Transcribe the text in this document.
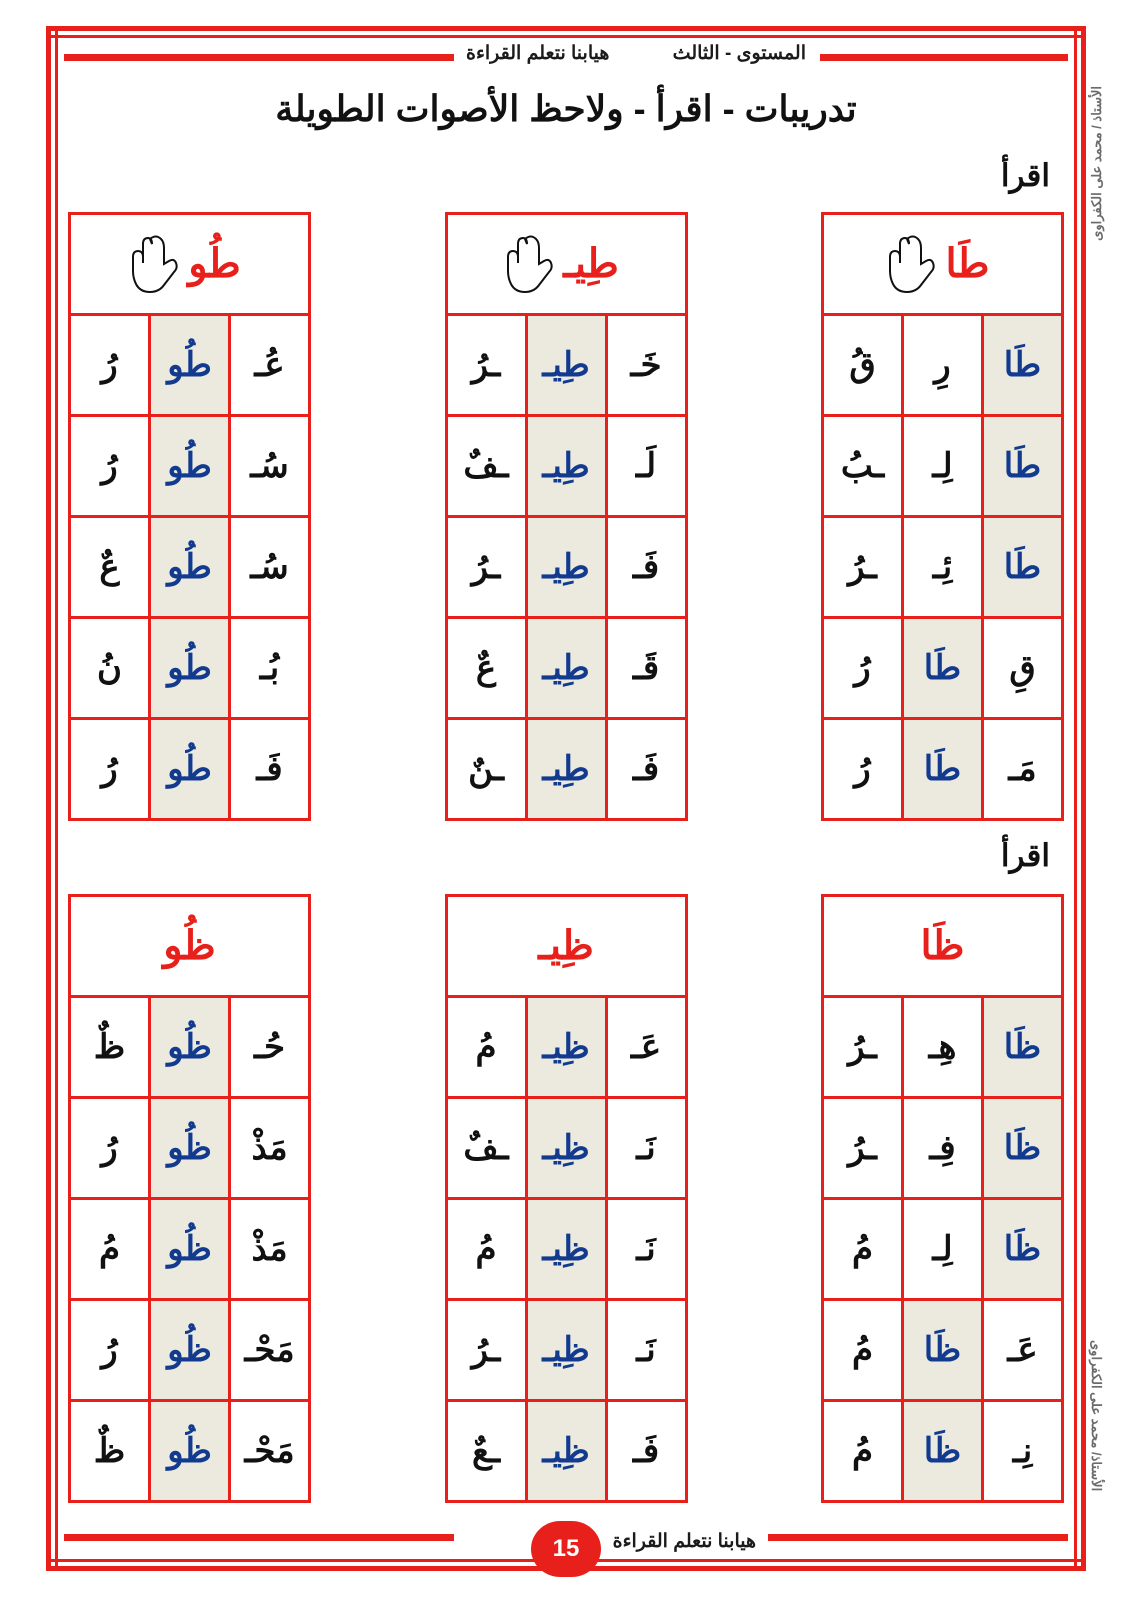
المستوى - الثالث
هيابنا نتعلم القراءة
الأستاذ / محمد على الكفراوى
الأستاذ/ محمد على الكفراوى
تدريبات - اقرأ - ولاحظ الأصوات الطويلة
اقرأ
اقرأ
طَا
طَا
رِ
قُ
طَا
لِـ
ـبُ
طَا
ئِـ
ـرُ
قِ
طَا
رُ
مَـ
طَا
رُ
طِيـ
خَـ
طِيـ
ـرُ
لَـ
طِيـ
ـفٌ
فَـ
طِيـ
ـرُ
قَـ
طِيـ
عٌ
فَـ
طِيـ
ـنٌ
طُو
عُـ
طُو
رُ
سُـ
طُو
رُ
سُـ
طُو
عٌ
بُـ
طُو
نُ
فَـ
طُو
رُ
ظَا
ظَا
هِـ
ـرُ
ظَا
فِـ
ـرُ
ظَا
لِـ
مُ
عَـ
ظَا
مُ
نِـ
ظَا
مُ
ظِيـ
عَـ
ظِيـ
مُ
نَـ
ظِيـ
ـفٌ
نَـ
ظِيـ
مُ
نَـ
ظِيـ
ـرُ
فَـ
ظِيـ
ـعٌ
ظُو
حُـ
ظُو
ظٌ
مَذْ
ظُو
رُ
مَذْ
ظُو
مُ
مَحْـ
ظُو
رُ
مَحْـ
ظُو
ظٌ
هيابنا نتعلم القراءة
15
